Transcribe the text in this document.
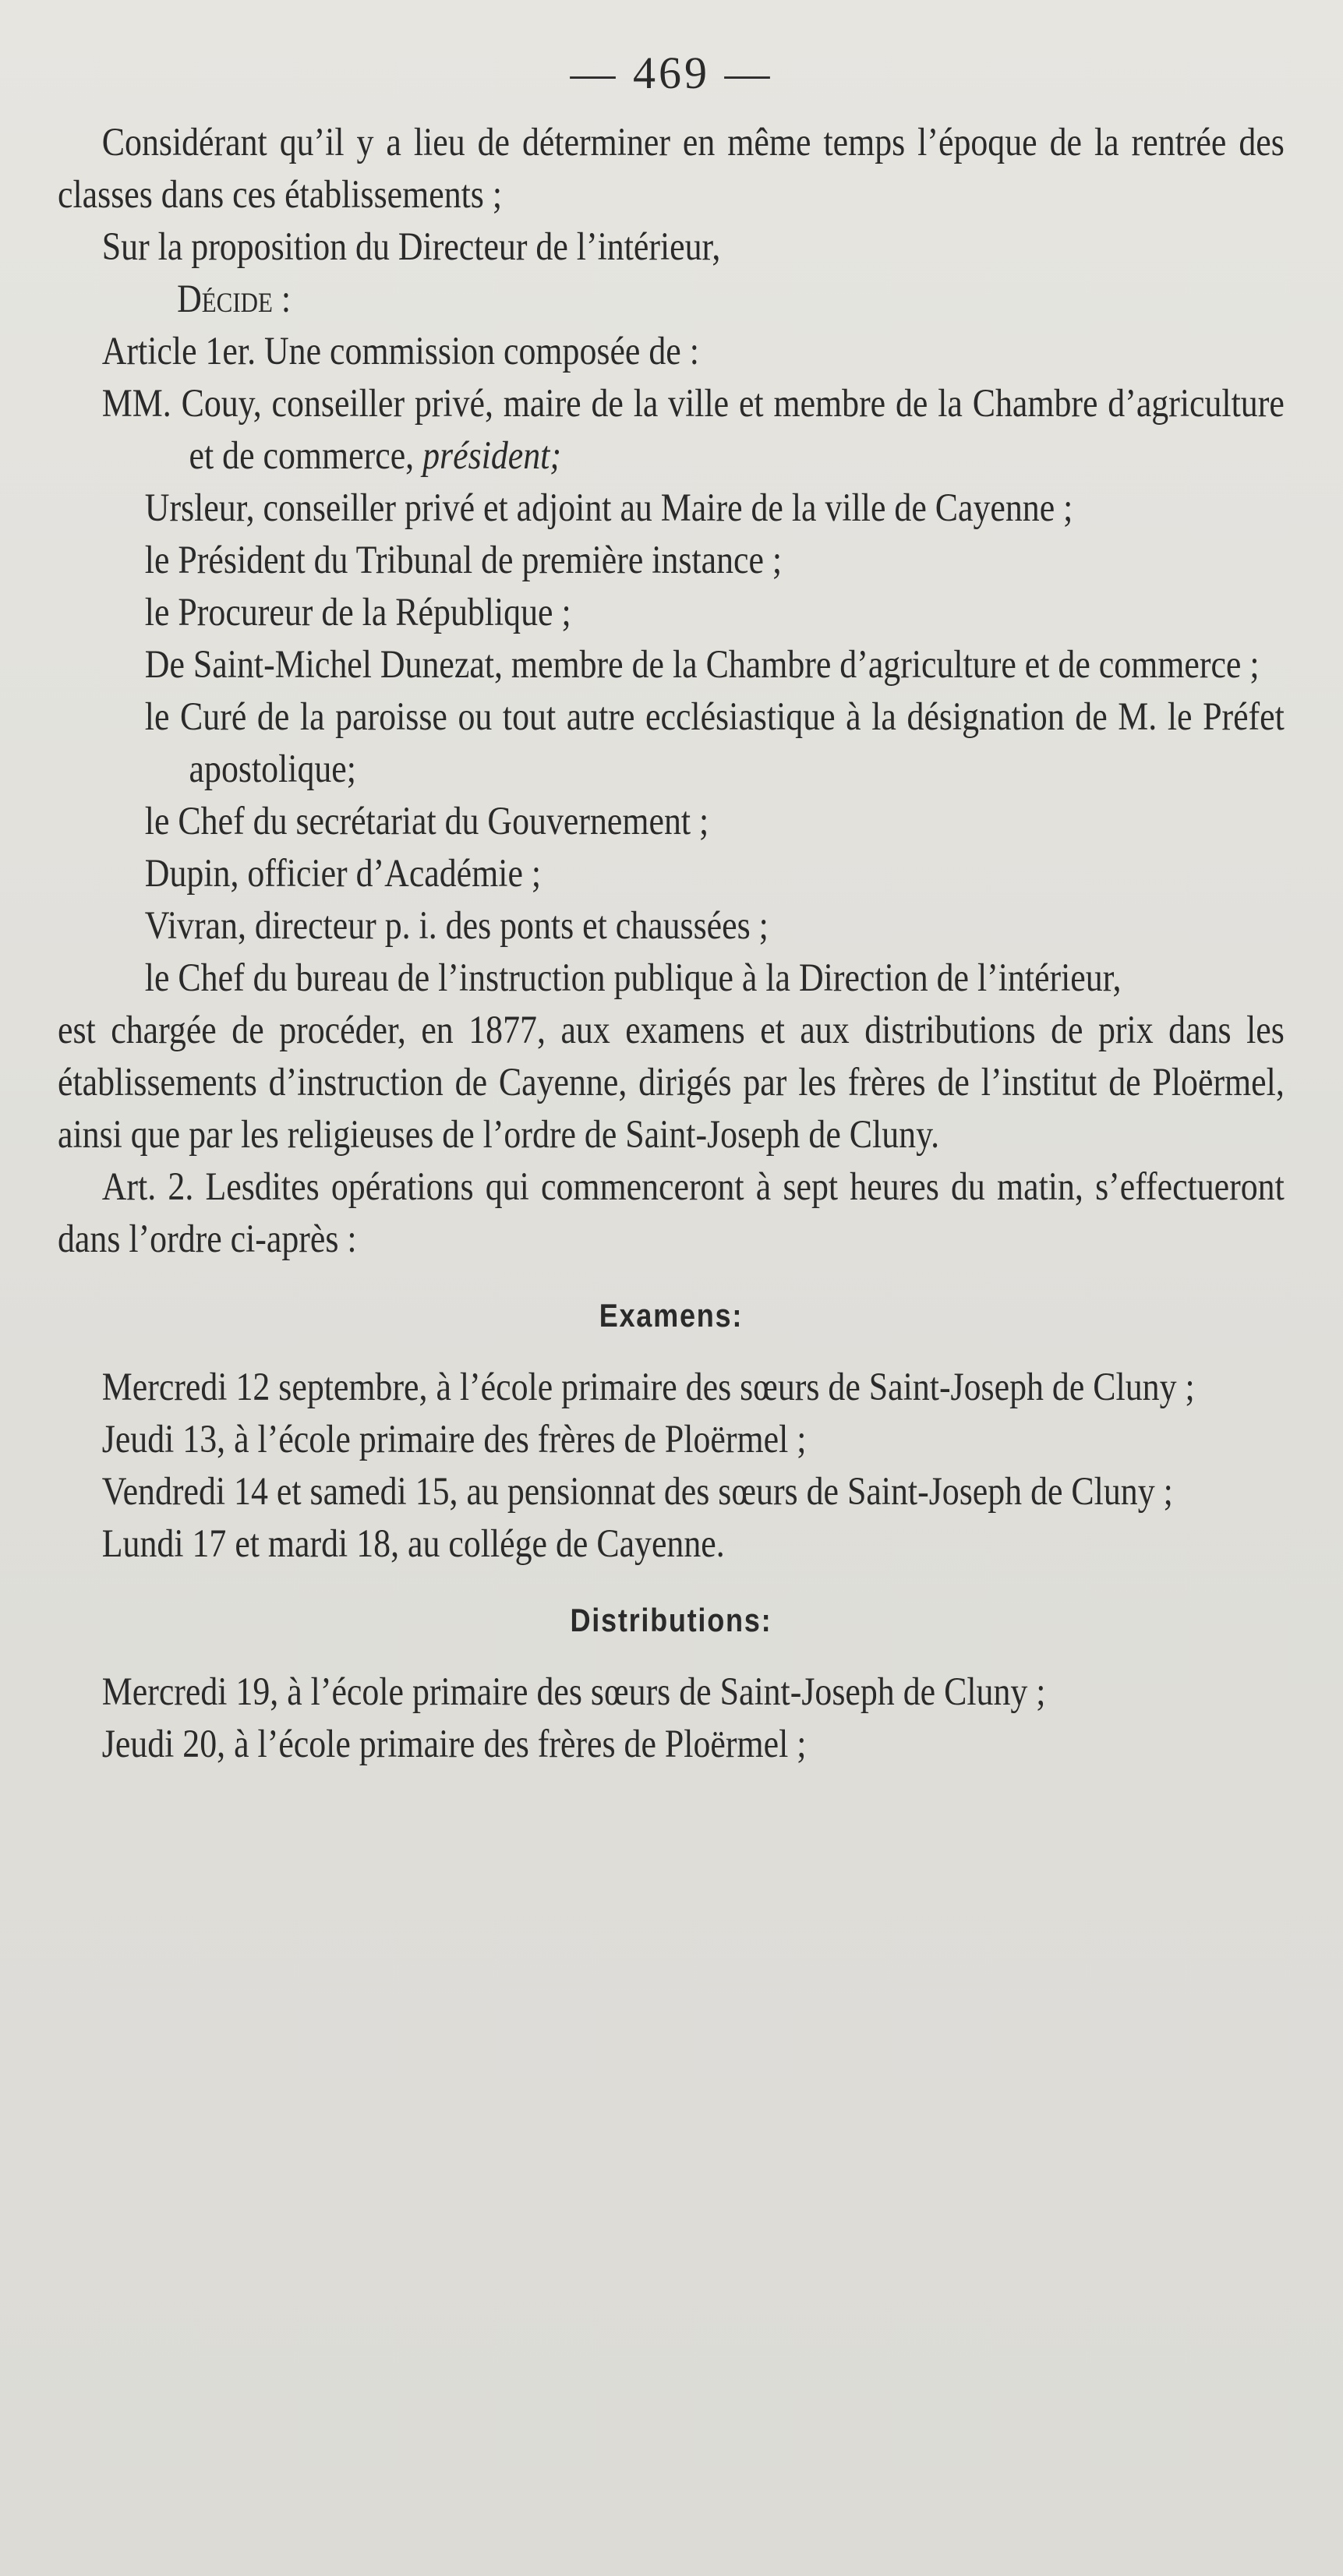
— 469 —

Considérant qu’il y a lieu de déterminer en même temps l’époque de la rentrée des classes dans ces établissements ;

Sur la proposition du Directeur de l’intérieur,

Décide :

Article 1er. Une commission composée de :

MM. Couy, conseiller privé, maire de la ville et membre de la Chambre d’agriculture et de commerce, président;

Ursleur, conseiller privé et adjoint au Maire de la ville de Cayenne ;

le Président du Tribunal de première instance ;

le Procureur de la République ;

De Saint-Michel Dunezat, membre de la Chambre d’agriculture et de commerce ;

le Curé de la paroisse ou tout autre ecclésiastique à la désignation de M. le Préfet apostolique;

le Chef du secrétariat du Gouvernement ;

Dupin, officier d’Académie ;

Vivran, directeur p. i. des ponts et chaussées ;

le Chef du bureau de l’instruction publique à la Direction de l’intérieur,

est chargée de procéder, en 1877, aux examens et aux distributions de prix dans les établissements d’instruction de Cayenne, dirigés par les frères de l’institut de Ploërmel, ainsi que par les religieuses de l’ordre de Saint-Joseph de Cluny.

Art. 2. Lesdites opérations qui commenceront à sept heures du matin, s’effectueront dans l’ordre ci-après :

Examens:

Mercredi 12 septembre, à l’école primaire des sœurs de Saint-Joseph de Cluny ;

Jeudi 13, à l’école primaire des frères de Ploërmel ;

Vendredi 14 et samedi 15, au pensionnat des sœurs de Saint-Joseph de Cluny ;

Lundi 17 et mardi 18, au collége de Cayenne.

Distributions:

Mercredi 19, à l’école primaire des sœurs de Saint-Joseph de Cluny ;

Jeudi 20, à l’école primaire des frères de Ploërmel ;
